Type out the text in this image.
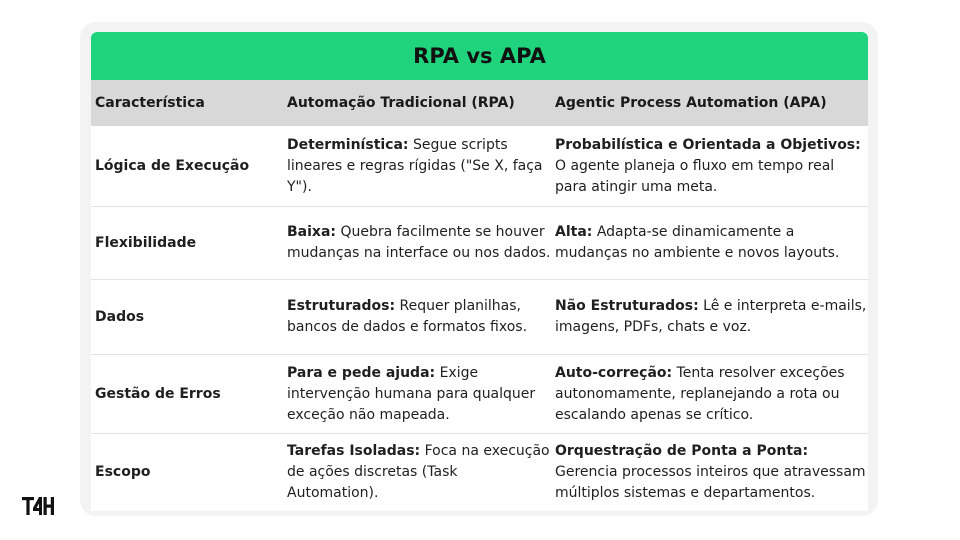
RPA vs APA
Característica	Automação Tradicional (RPA)	Agentic Process Automation (APA)
Lógica de Execução
Determinística: Segue scripts lineares e regras rígidas ("Se X, faça Y").
Probabilística e Orientada a Objetivos: O agente planeja o fluxo em tempo real para atingir uma meta.
Flexibilidade
Baixa: Quebra facilmente se houver mudanças na interface ou nos dados.
Alta: Adapta-se dinamicamente a mudanças no ambiente e novos layouts.
Dados
Estruturados: Requer planilhas, bancos de dados e formatos fixos.
Não Estruturados: Lê e interpreta e-mails, imagens, PDFs, chats e voz.
Gestão de Erros
Para e pede ajuda: Exige intervenção humana para qualquer exceção não mapeada.
Auto-correção: Tenta resolver exceções autonomamente, replanejando a rota ou escalando apenas se crítico.
Escopo
Tarefas Isoladas: Foca na execução de ações discretas (Task Automation).
Orquestração de Ponta a Ponta: Gerencia processos inteiros que atravessam múltiplos sistemas e departamentos.
